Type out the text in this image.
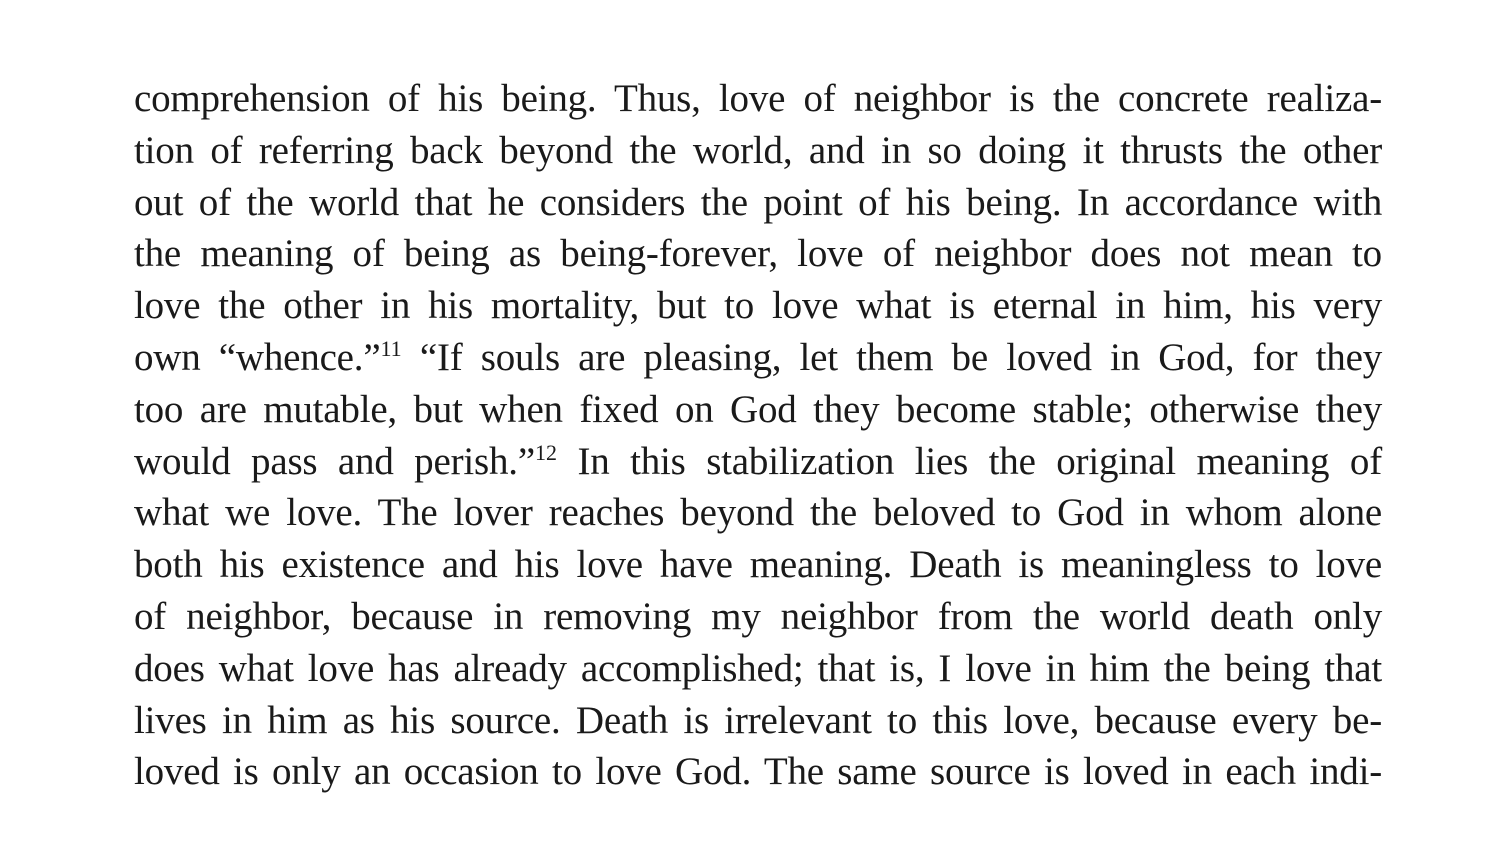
comprehension of his being. Thus, love of neighbor is the concrete realiza-
tion of referring back beyond the world, and in so doing it thrusts the other
out of the world that he considers the point of his being. In accordance with
the meaning of being as being-forever, love of neighbor does not mean to
love the other in his mortality, but to love what is eternal in him, his very
own “whence.”$^{11}$ “If souls are pleasing, let them be loved in God, for they
too are mutable, but when fixed on God they become stable; otherwise they
would pass and perish.”$^{12}$ In this stabilization lies the original meaning of
what we love. The lover reaches beyond the beloved to God in whom alone
both his existence and his love have meaning. Death is meaningless to love
of neighbor, because in removing my neighbor from the world death only
does what love has already accomplished; that is, I love in him the being that
lives in him as his source. Death is irrelevant to this love, because every be-
loved is only an occasion to love God. The same source is loved in each indi-
